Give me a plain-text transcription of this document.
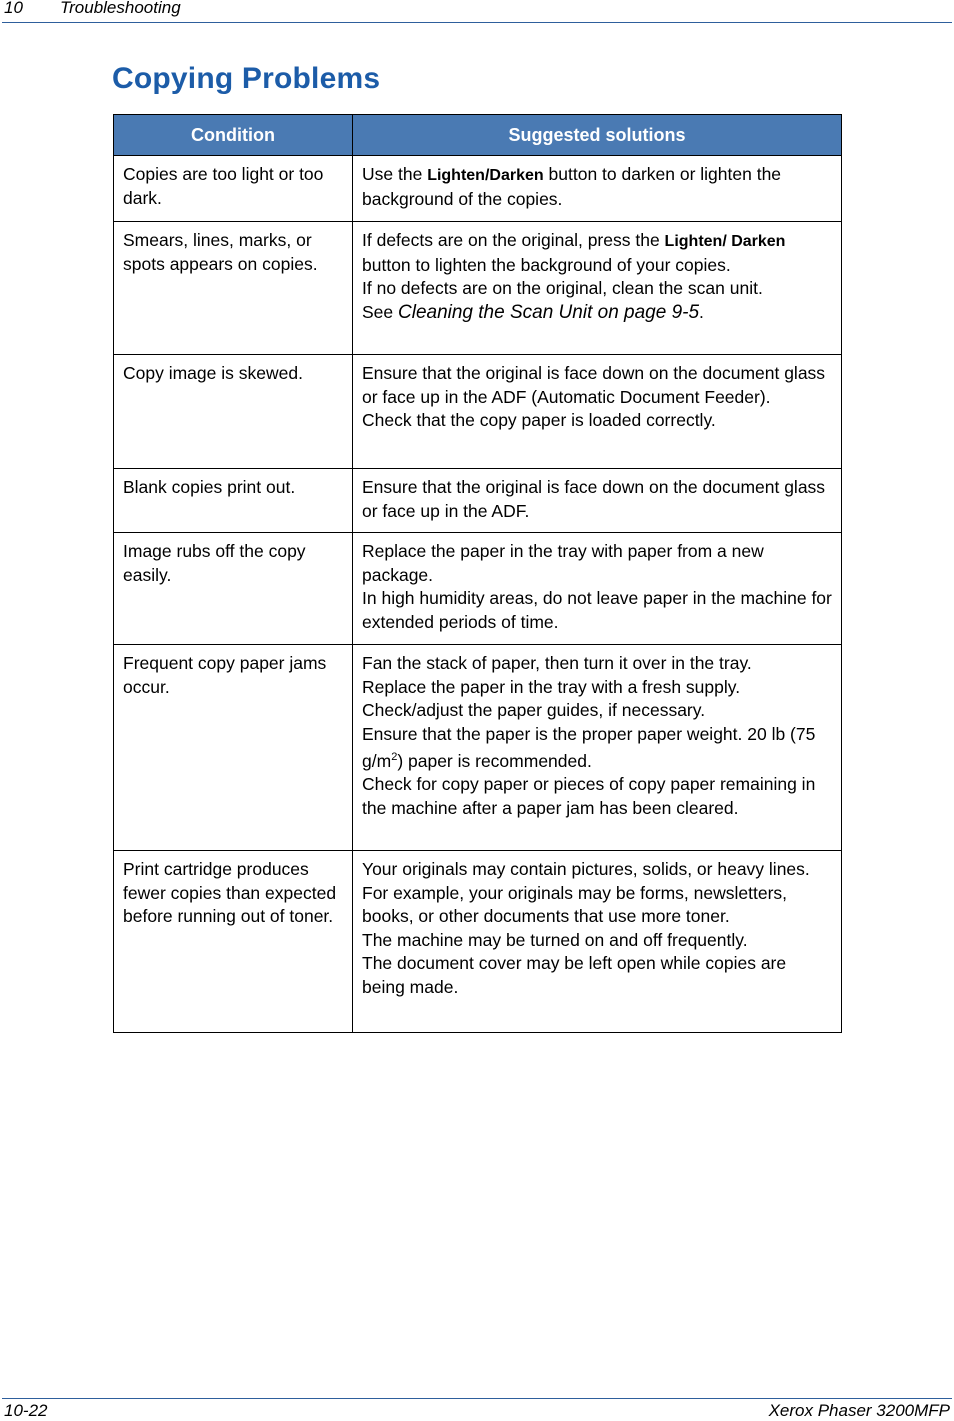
10 Troubleshooting
Copying Problems
Condition	Suggested solutions
Copies are too light or too dark.	Use the Lighten/Darken button to darken or lighten the background of the copies.

Smears, lines, marks, or spots appears on copies.	If defects are on the original, press the Lighten/ Darken button to lighten the background of your copies.

If no defects are on the original, clean the scan unit.

See Cleaning the Scan Unit on page 9-5.

Copy image is skewed.	Ensure that the original is face down on the document glass or face up in the ADF (Automatic Document Feeder).

Check that the copy paper is loaded correctly.

Blank copies print out.	Ensure that the original is face down on the document glass or face up in the ADF.

Image rubs off the copy easily.	Replace the paper in the tray with paper from a new package.

In high humidity areas, do not leave paper in the machine for extended periods of time.

Frequent copy paper jams occur.	Fan the stack of paper, then turn it over in the tray.

Replace the paper in the tray with a fresh supply.

Check/adjust the paper guides, if necessary.

Ensure that the paper is the proper paper weight. 20 lb (75 $g/m^2$) paper is recommended.

Check for copy paper or pieces of copy paper remaining in the machine after a paper jam has been cleared.

Print cartridge produces fewer copies than expected before running out of toner.	Your originals may contain pictures, solids, or heavy lines. For example, your originals may be forms, newsletters, books, or other documents that use more toner.

The machine may be turned on and off frequently.

The document cover may be left open while copies are being made.

10-22	Xerox Phaser 3200MFP
